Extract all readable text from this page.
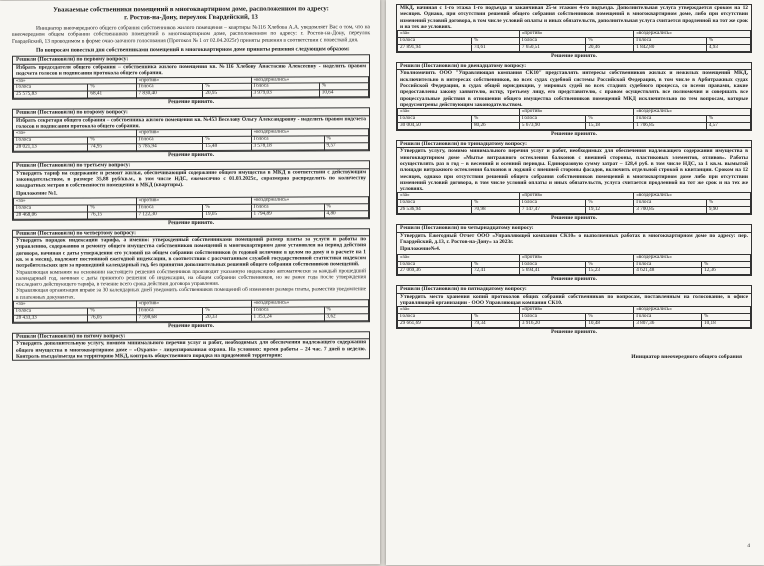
Уважаемые собственники помещений в многоквартирном доме, расположенном по адресу:

г. Ростов-на-Дону, переулок Гвардейский, 13

Инициатор внеочередного общего собрания собственников жилого помещения – квартиры №116 Хлебова А.А. уведомляет Вас о том, что на внеочередном общем собрании собственников помещений в многоквартирном доме, расположенном по адресу: г. Ростов-на-Дону, переулок Гвардейский, 13 проводимом в форме очно-заочного голосования (Протокол № 1 от 02.04.2025г) приняты решения в соответствии с повесткой дня.

По вопросам повестки дня собственниками помещений в многоквартирном доме приняты решения следующим образом:

Решили (Постановили) по первому вопросу:
Избрать председателя общего собрания – собственника жилого помещения кв. №116 Хлебову Анастасию Алексеевну - наделить правом подсчета голосов и подписания протокола общего собрания.
«за»		«против»		«воздержались»	
Голоса	%	Голоса	%	Голоса	%
25 575,83	68,41	7 830,40	20,95	3 979,03	10,64
Решение принято.
Решили (Постановили) по второму вопросу:
Избрать секретаря общего собрания – собственника жилого помещения кв. №453 Веселову Ольгу Александровну - наделить правом подсчета голосов и подписания протокола общего собрания.
«за»		«против»		«воздержались»	
Голоса	%	Голоса	%	Голоса	%
28 021,13	74,95	5 785,94	15,48	3 578,18	9,57
Решение принято.
Решили (Постановили) по третьему вопросу:
Утвердить тариф на содержание и ремонт жилья, обеспечивающий содержание общего имущества в МКД в соответствии с действующим законодательством, в размере 35,88 руб/кв.м., в том числе НДС, ежемесячно с 01.03.2025г., соразмерно распределить по количеству квадратных метров в собственности помещения в МКД (квартиры).
Приложение №1.
«за»		«против»		«воздержались»	
Голоса	%	Голоса	%	Голоса	%
28 468,06	76,15	7 122,30	19,05	1 794,89	4,80
Решение принято.
Решили (Постановили) по четвертому вопросу:
Утвердить порядок индексации тарифа, а именно: утвержденный собственниками помещений размер платы за услуги и работы по управлению, содержанию и ремонту общего имущества собственников помещений в многоквартирном доме установлен на период действия договора, начиная с даты утверждения его условий на общем собрании собственников (в годовой величине в целом по дому и в расчете на 1 кв. м в месяц), подлежит постоянной ежегодной индексации, в соответствии с рассчитанным службой государственной статистики индексом потребительских цен за прошедший календарный год, без принятия дополнительных решений общего собрания собственников помещений.
Управляющая компания на основании настоящего решения собственников производит указанную индексацию автоматически за каждый прошедший календарный год, начиная с даты принятого решения об индексации, на общем собрании собственников, но не ранее года после утверждения последнего действующего тарифа, в течение всего срока действия договора управления.
Управляющая организация вправе за 30 календарных дней уведомить собственников помещений об изменении размера платы, разместив уведомление в платежных документах.
«за»		«против»		«воздержались»	
Голоса	%	Голоса	%	Голоса	%
28 433,33	76,05	7 598,68	20,33	1 353,24	3,62
Решение принято.
Решили (Постановили) по пятому вопросу:
Утвердить дополнительную услугу, помимо минимального перечня услуг и работ, необходимых для обеспечения надлежащего содержания общего имущества в многоквартирном доме – «Охрана» - лицензированная охрана. На условиях: время работы – 24 час. 7 дней в неделю. Контроль въезда/выезда на территорию МКД, контроль общественного порядка на придомовой территории:
МКД, начиная с 1-го этажа 1-го подъезда и заканчивая 25-м этажом 4-го подъезда. Дополнительная услуга утверждается сроком на 12 месяцев. Однако, при отсутствии решений общего собрания собственников помещений в многоквартирном доме, либо при отсутствии изменений условий договора, в том числе условий оплаты и иных обязательств, дополнительная услуга считается продленной на тот же срок и на тех же условиях.
«за»		«против»		«воздержались»	
Голоса	%	Голоса	%	Голоса	%
27 891,94	74,61	7 650,51	20,46	1 842,80	4,93
Решение принято.
Решили (Постановили) по двенадцатому вопросу:
Уполномочить ООО "Управляющая компания СК10" представлять интересы собственников жилых и нежилых помещений МКД, исключительно в интересах собственников, во всех судах судебной системы Российской Федерации, в том числе в Арбитражных судах Российской Федерации, в судах общей юрисдикции, у мировых судей во всех стадиях судебного процесса, со всеми правами, какие предоставлены закону заявителю, истцу, третьему лицу, его представителю, с правом осуществлять все полномочия и совершать все процессуальные действия в отношении общего имущества собственников помещений МКД исключительно по тем вопросам, которые предусмотрены действующим законодательством.
«за»		«против»		«воздержались»	
Голоса	%	Голоса	%	Голоса	%
30 004,50	80,26	5 673,90	15,18	1 706,85	4,57
Решение принято.
Решили (Постановили) по тринадцатому вопросу:
Утвердить услугу, помимо минимального перечня услуг и работ, необходимых для обеспечения надлежащего содержания имущества в многоквартирном доме «Мытье витражного остекления балконов с внешней стороны, пластиковых элементов, отливов». Работы осуществлять раз в год – в весенний и осенний периоды. Единоразовую сумму затрат – 128,4 руб. в том числе НДС, за 1 кв.м. вымытой площади витражного остекления балконов и лоджий с внешней стороны фасадов, включить отдельной строкой в квитанции. Сроком на 12 месяцев, однако при отсутствии решений общего собрания собственников помещений в многоквартирном доме либо при отсутствии изменений условий договора, в том числе условий оплаты и иных обязательств, услуга считается продленной на тот же срок и на тех же условиях.
«за»		«против»		«воздержались»	
Голоса	%	Голоса	%	Голоса	%
26 536,94	70,98	7 147,47	19,12	3 700,85	9,90
Решение принято.
Решили (Постановили) по четырнадцатому вопросу:
Утвердить Ежегодный Отчет ООО «Управляющей компании СК10» о выполненных работах в многоквартирном доме по адресу: пер. Гвардейский, д.13, г. Ростов-на-Дону» за 2023г.
Приложение№4.
«за»		«против»		«воздержались»	
Голоса	%	Голоса	%	Голоса	%
27 069,36	72,41	5 694,41	15,23	4 621,48	12,36
Решение принято.
Решили (Постановили) по пятнадцатому вопросу:
Утвердить место хранения копий протоколов общих собраний собственников по вопросам, поставленным на голосование, в офисе управляющей организации - ООО Управляющая компания СК10.
«за»		«против»		«воздержались»	
Голоса	%	Голоса	%	Голоса	%
29 661,69	79,34	3 916,20	10,48	3 807,36	10,18
Решение принято.
Инициатор внеочередного общего собрания
4
